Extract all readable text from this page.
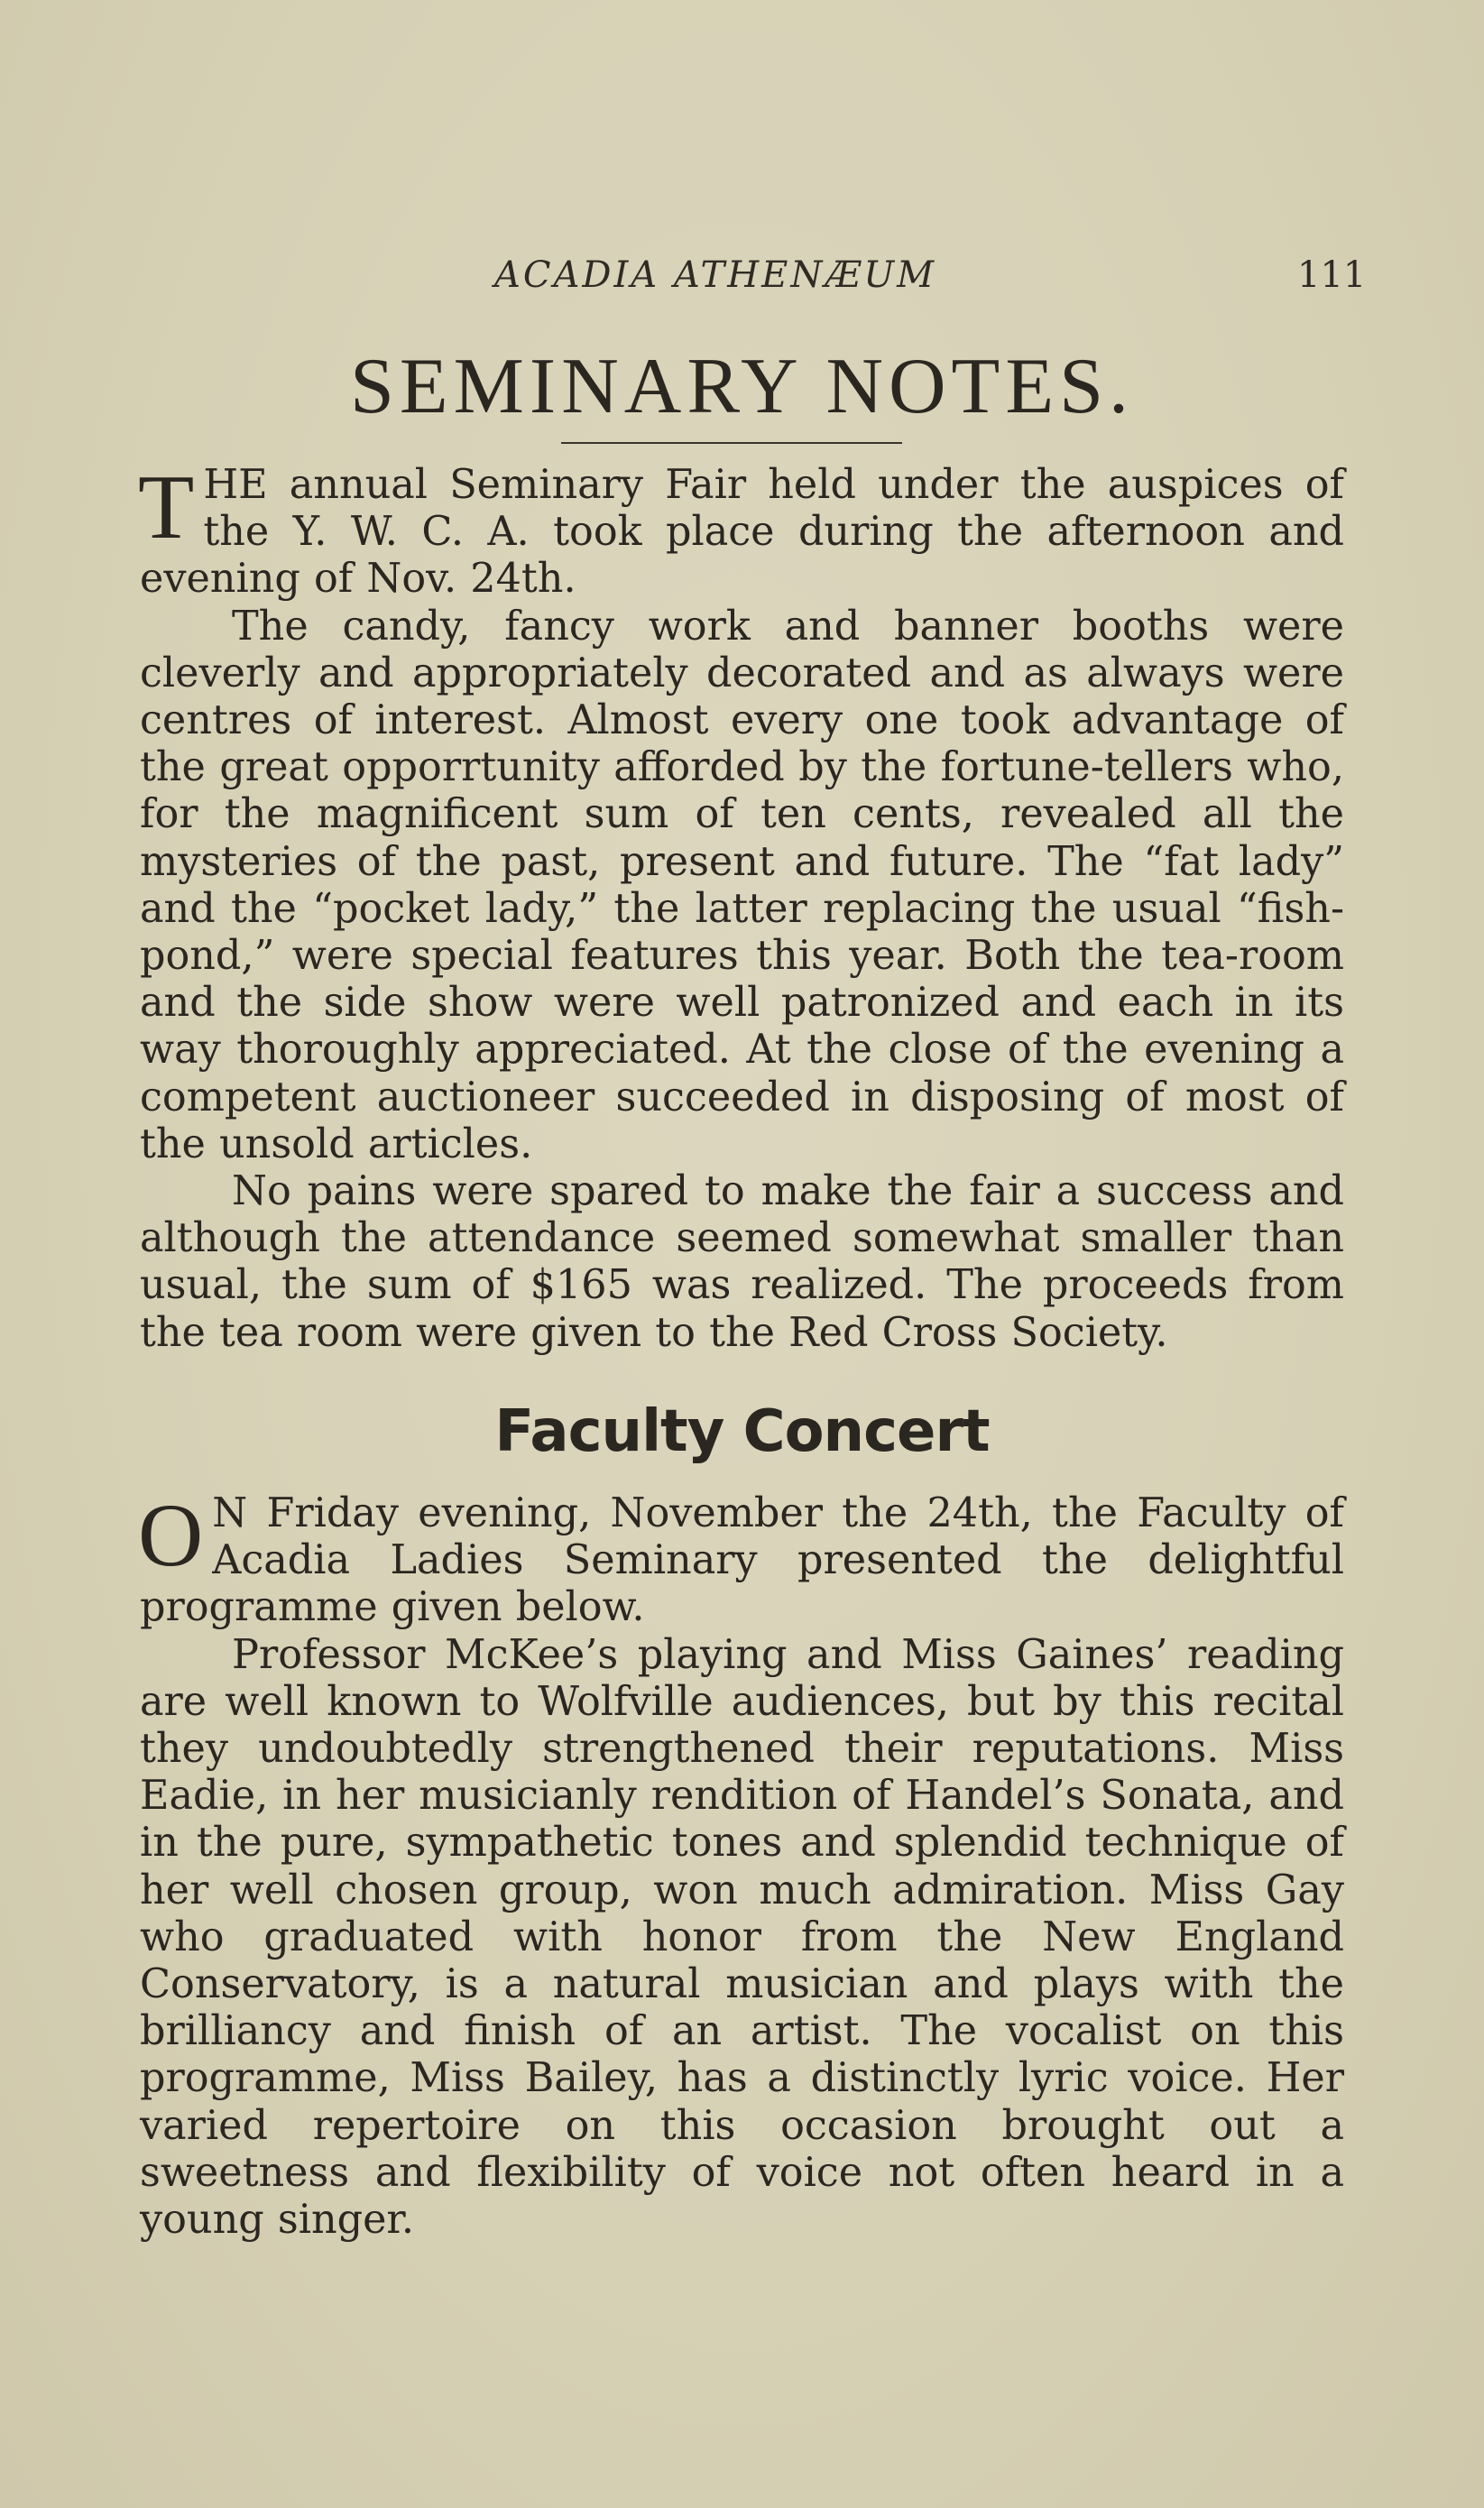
ACADIA ATHENÆUM	111
SEMINARY NOTES.

THE annual Seminary Fair held under the auspices of the Y. W. C. A. took place during the afternoon and evening of Nov. 24th.

The candy, fancy work and banner booths were cleverly and appropriately decorated and as always were centres of interest. Almost every one took advantage of the great opporrtunity afforded by the fortune-tellers who, for the magnificent sum of ten cents, revealed all the mysteries of the past, present and future. The “fat lady” and the “pocket lady,” the latter replacing the usual “fish-pond,” were special features this year. Both the tea-room and the side show were well patronized and each in its way thoroughly appreciated. At the close of the evening a competent auctioneer succeeded in disposing of most of the unsold articles.

No pains were spared to make the fair a success and although the attendance seemed somewhat smaller than usual, the sum of $165 was realized. The proceeds from the tea room were given to the Red Cross Society.

Faculty Concert

O N Friday evening, November the 24th, the Faculty of Acadia Ladies Seminary presented the delightful programme given below.

Professor McKee’s playing and Miss Gaines’ reading are well known to Wolfville audiences, but by this recital they undoubtedly strengthened their reputations. Miss Eadie, in her musicianly rendition of Handel’s Sonata, and in the pure, sympathetic tones and splendid technique of her well chosen group, won much admiration. Miss Gay who graduated with honor from the New England Conservatory, is a natural musician and plays with the brilliancy and finish of an artist. The vocalist on this programme, Miss Bailey, has a distinctly lyric voice. Her varied repertoire on this occasion brought out a sweetness and flexibility of voice not often heard in a young singer.
